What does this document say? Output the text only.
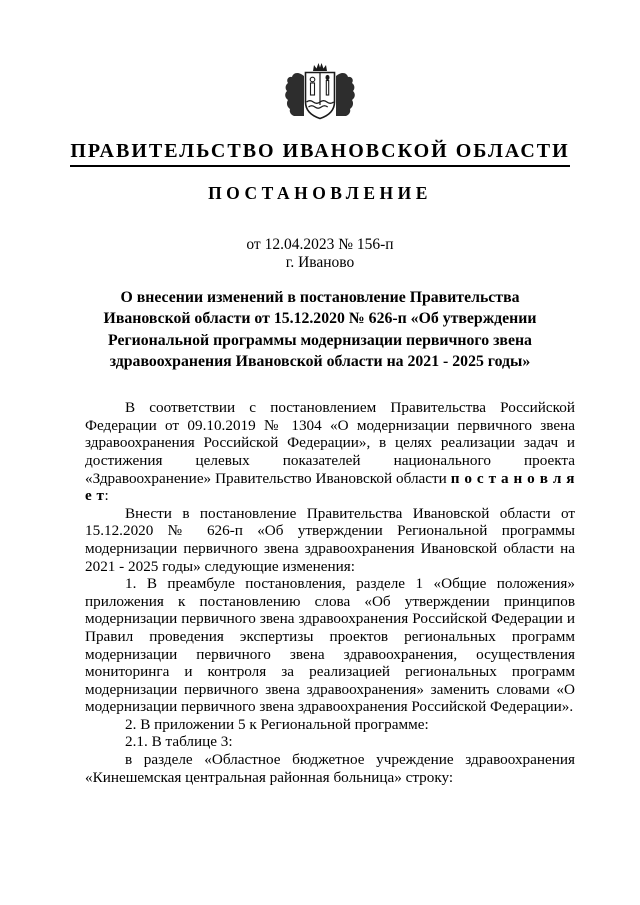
ПРАВИТЕЛЬСТВО ИВАНОВСКОЙ ОБЛАСТИ
ПОСТАНОВЛЕНИЕ
от 12.04.2023 № 156-п
г. Иваново
О внесении изменений в постановление Правительства Ивановской области от 15.12.2020 № 626-п «Об утверждении Региональной программы модернизации первичного звена здравоохранения Ивановской области на 2021 - 2025 годы»

В соответствии с постановлением Правительства Российской Федерации от 09.10.2019 № 1304 «О модернизации первичного звена здравоохранения Российской Федерации», в целях реализации задач и достижения целевых показателей национального проекта «Здравоохранение» Правительство Ивановской области п о с т а н о в л я е т:

Внести в постановление Правительства Ивановской области от 15.12.2020 № 626-п «Об утверждении Региональной программы модернизации первичного звена здравоохранения Ивановской области на 2021 - 2025 годы» следующие изменения:

1. В преамбуле постановления, разделе 1 «Общие положения» приложения к постановлению слова «Об утверждении принципов модернизации первичного звена здравоохранения Российской Федерации и Правил проведения экспертизы проектов региональных программ модернизации первичного звена здравоохранения, осуществления мониторинга и контроля за реализацией региональных программ модернизации первичного звена здравоохранения» заменить словами «О модернизации первичного звена здравоохранения Российской Федерации».

2. В приложении 5 к Региональной программе:

2.1. В таблице 3:

в разделе «Областное бюджетное учреждение здравоохранения «Кинешемская центральная районная больница» строку:
